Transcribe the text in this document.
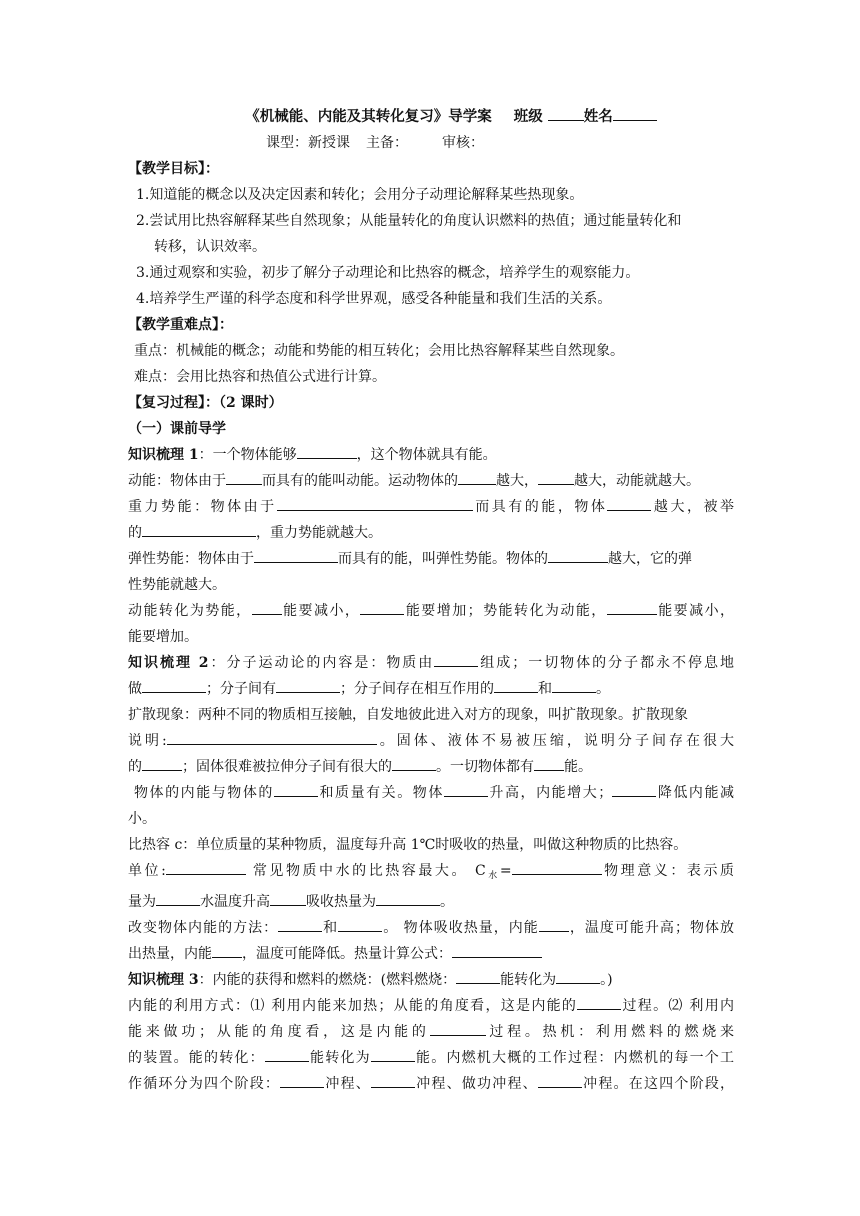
《机械能、内能及其转化复习》导学案 班级	姓名
课型：新授课 主备： 审核：
【教学目标】：
1.知道能的概念以及决定因素和转化；会用分子动理论解释某些热现象。
2.尝试用比热容解释某些自然现象；从能量转化的角度认识燃料的热值；通过能量转化和
转移，认识效率。
3.通过观察和实验，初步了解分子动理论和比热容的概念，培养学生的观察能力。
4.培养学生严谨的科学态度和科学世界观，感受各种能量和我们生活的关系。
【教学重难点】：
重点：机械能的概念；动能和势能的相互转化；会用比热容解释某些自然现象。
难点：会用比热容和热值公式进行计算。
【复习过程】：（2 课时）
（一）课前导学
知识梳理 1：一个物体能够	，这个物体就具有能。
动能：物体由于	而具有的能叫动能。运动物体的	越大，	越大，动能就越大。
重力势能：物体由于	而具有的能，物体	越大，被举
的	，重力势能就越大。
弹性势能：物体由于	而具有的能，叫弹性势能。物体的	越大，它的弹
性势能就越大。
动能转化为势能， 能要减小，	能要增加；势能转化为动能，	能要减小，
能要增加。
知识梳理 2：分子运动论的内容是：物质由	组成；一切物体的分子都永不停息地
做	；分子间有	；分子间存在相互作用的	和	。
扩散现象：两种不同的物质相互接触，自发地彼此进入对方的现象，叫扩散现象。扩散现象
说明:	。固体、液体不易被压缩，说明分子间存在很大
的	；固体很难被拉伸分子间有很大的	。一切物体都有 能。
物体的内能与物体的	和质量有关。物体	升高，内能增大；	降低内能减
小。
比热容 c：单位质量的某种物质，温度每升高 1℃时吸收的热量，叫做这种物质的比热容。
单位:	常见物质中水的比热容最大。 $C_水=$	物理意义：表示质
量为	水温度升高	吸收热量为	。
改变物体内能的方法：	和	。 物体吸收热量，内能 ，温度可能升高；物体放
出热量，内能 ，温度可能降低。热量计算公式：
知识梳理 3：内能的获得和燃料的燃烧：(燃料燃烧：	能转化为	。)
内能的利用方式：⑴ 利用内能来加热；从能的角度看，这是内能的	过程。⑵ 利用内
能来做功；从能的角度看，这是内能的	过程。热机：利用燃料的燃烧来
的装置。能的转化：	能转化为	能。内燃机大概的工作过程：内燃机的每一个工
作循环分为四个阶段：	冲程、	冲程、做功冲程、	冲程。在这四个阶段，
